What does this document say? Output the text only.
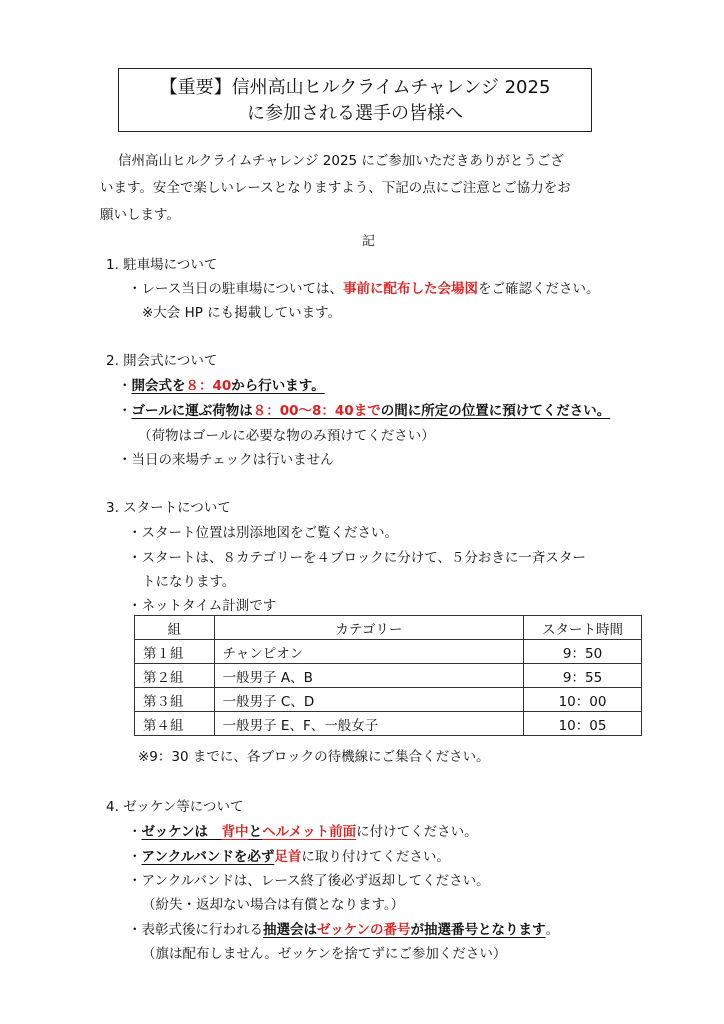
【重要】信州高山ヒルクライムチャレンジ 2025
に参加される選手の皆様へ

信州高山ヒルクライムチャレンジ 2025 にご参加いただきありがとうござ

います。安全で楽しいレースとなりますよう、下記の点にご注意とご協力をお

願いします。

記
1. 駐車場について
・レース当日の駐車場については、事前に配布した会場図をご確認ください。
※大会 HP にも掲載しています。
2. 開会式について
・開会式を８：40から行います。
・ゴールに運ぶ荷物は８：00〜8：40までの間に所定の位置に預けてください。
（荷物はゴールに必要な物のみ預けてください）
・当日の来場チェックは行いません
3. スタートについて
・スタート位置は別添地図をご覧ください。
・スタートは、８カテゴリーを４ブロックに分けて、５分おきに一斉スター
トになります。
・ネットタイム計測です
組	カテゴリー	スタート時間
第１組	チャンピオン	9：50
第２組	一般男子 A、B	9：55
第３組	一般男子 C、D	10：00
第４組	一般男子 E、F、一般女子	10：05
※9：30 までに、各ブロックの待機線にご集合ください。
4. ゼッケン等について
・ゼッケンは　背中とヘルメット前面に付けてください。
・アンクルバンドを必ず足首に取り付けてください。
・アンクルバンドは、レース終了後必ず返却してください。
（紛失・返却ない場合は有償となります。）
・表彰式後に行われる抽選会はゼッケンの番号が抽選番号となります。
（旗は配布しません。ゼッケンを捨てずにご参加ください）
